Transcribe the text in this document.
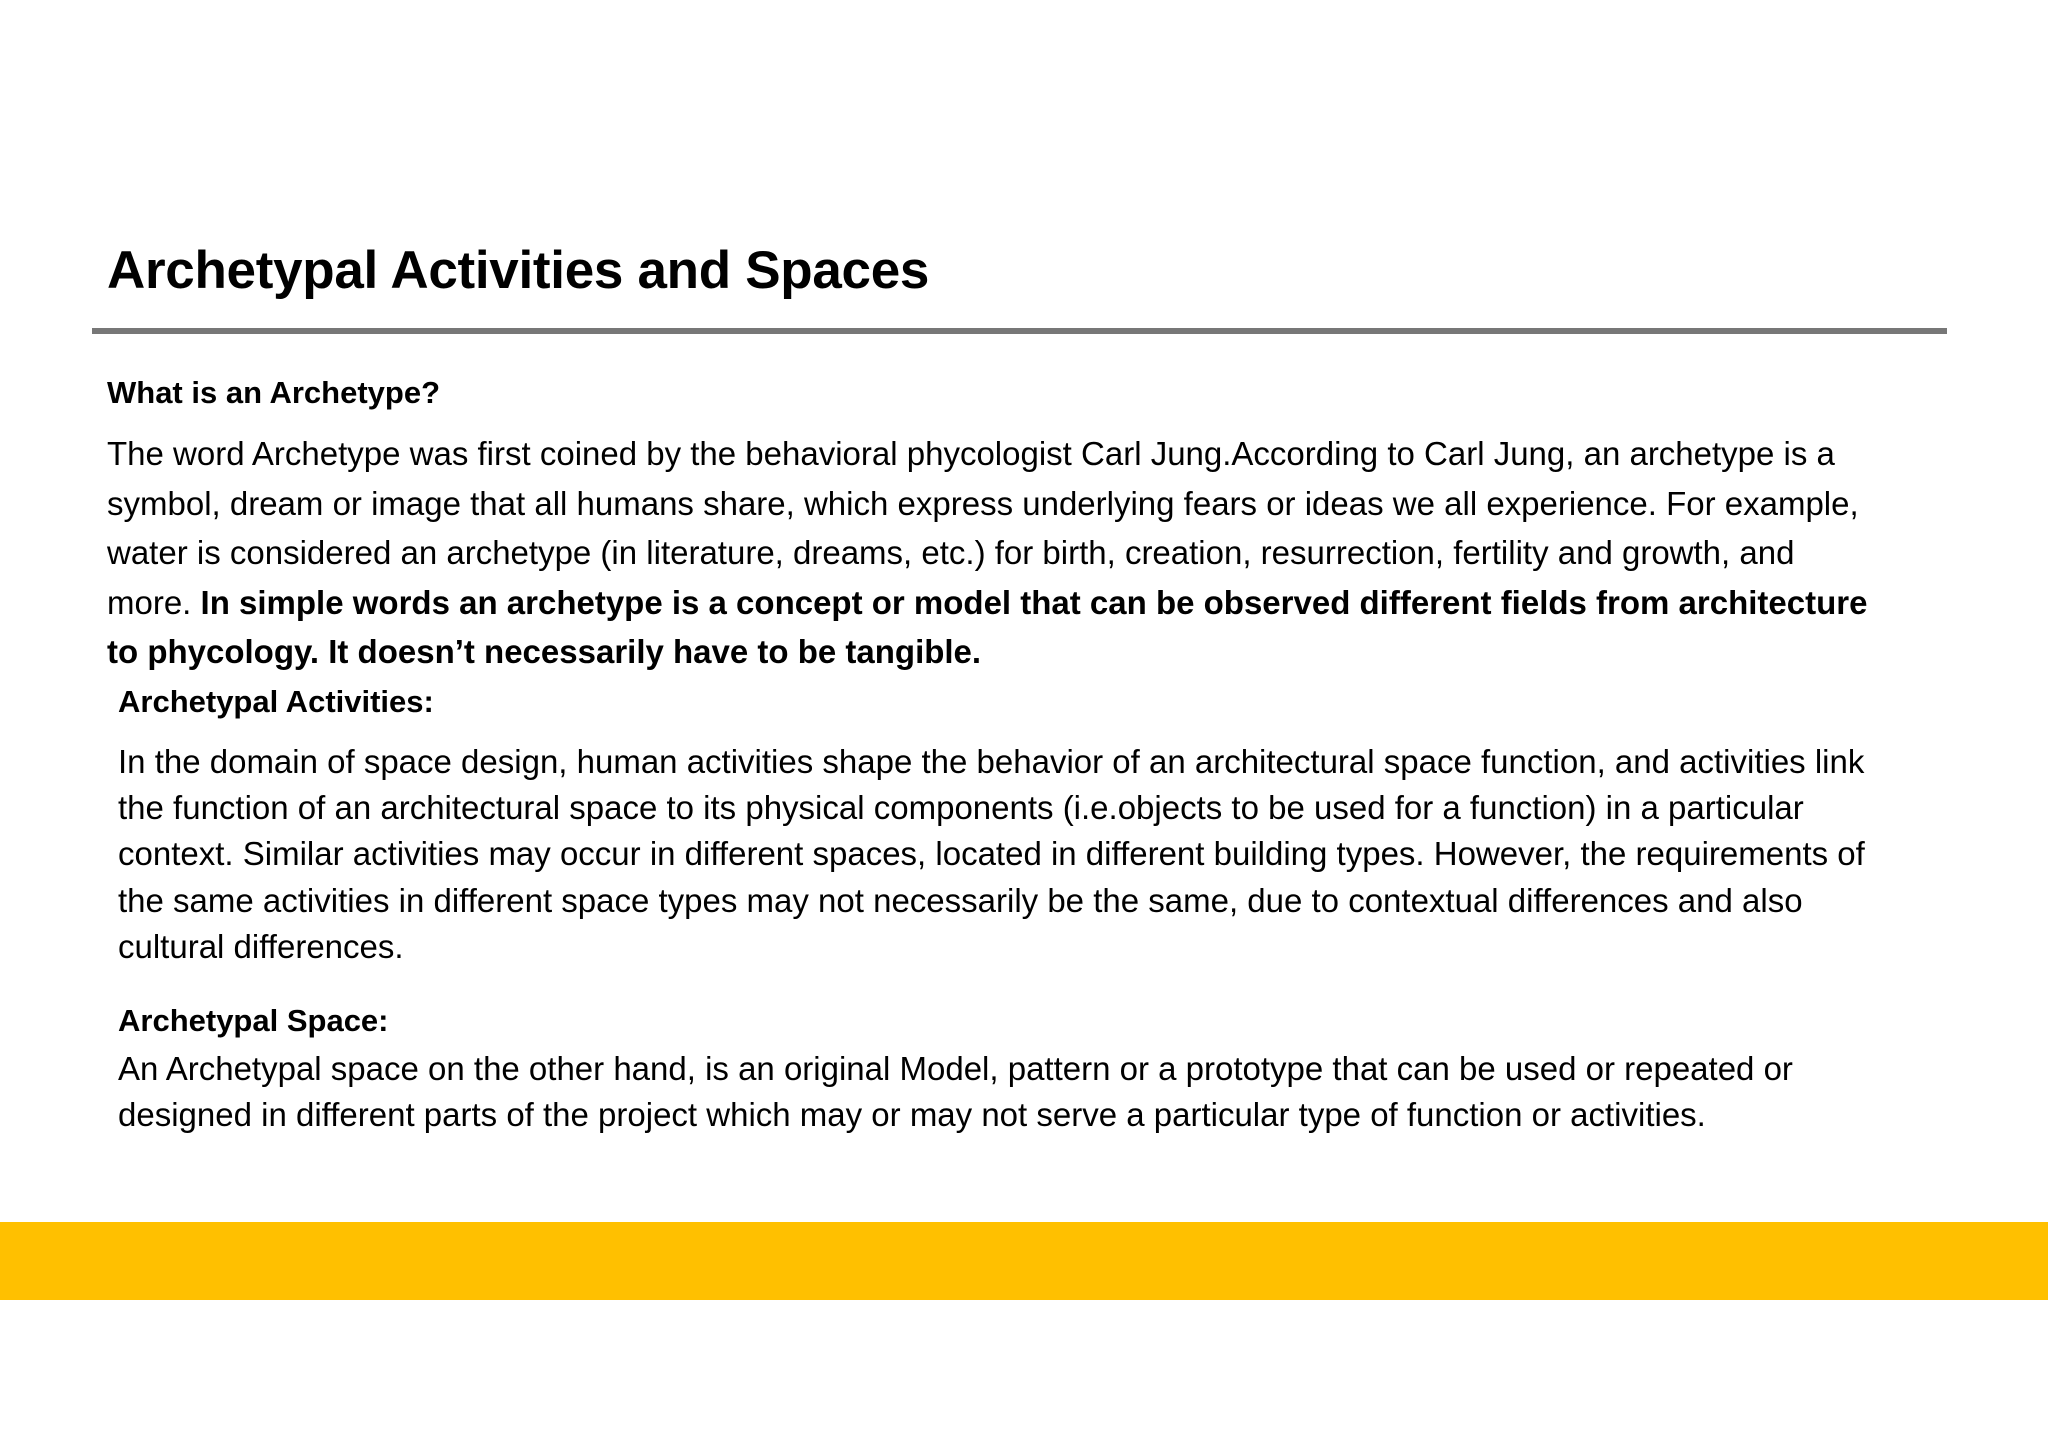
Archetypal Activities and Spaces
What is an Archetype?

The word Archetype was first coined by the behavioral phycologist Carl Jung.According to Carl Jung, an archetype is a symbol, dream or image that all humans share, which express underlying fears or ideas we all experience. For example, water is considered an archetype (in literature, dreams, etc.) for birth, creation, resurrection, fertility and growth, and more. In simple words an archetype is a concept or model that can be observed different fields from architecture to phycology. It doesn’t necessarily have to be tangible.

Archetypal Activities:

In the domain of space design, human activities shape the behavior of an architectural space function, and activities link the function of an architectural space to its physical components (i.e.objects to be used for a function) in a particular context. Similar activities may occur in different spaces, located in different building types. However, the requirements of the same activities in different space types may not necessarily be the same, due to contextual differences and also cultural differences.

Archetypal Space:

An Archetypal space on the other hand, is an original Model, pattern or a prototype that can be used or repeated or designed in different parts of the project which may or may not serve a particular type of function or activities.
